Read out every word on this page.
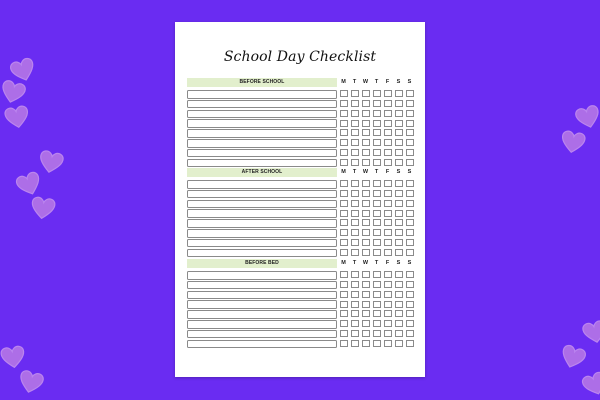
School Day Checklist
BEFORE SCHOOL	M	T	W	T	F	S	S
AFTER SCHOOL	M	T	W	T	F	S	S
BEFORE BED	M	T	W	T	F	S	S
